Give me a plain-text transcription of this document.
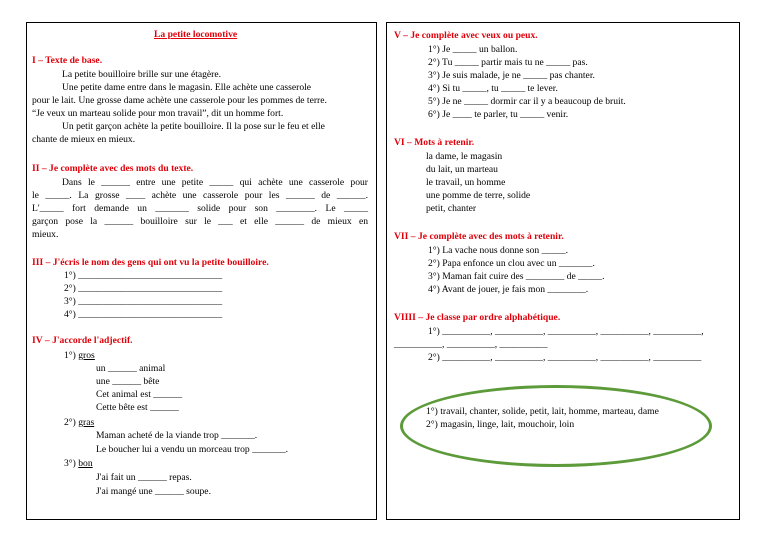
La petite locomotive
I – Texte de base.
La petite bouilloire brille sur une étagère.
Une petite dame entre dans le magasin. Elle achète une casserole
pour le lait. Une grosse dame achète une casserole pour les pommes de terre.
“Je veux un marteau solide pour mon travail”, dit un homme fort.
Un petit garçon achète la petite bouilloire. Il la pose sur le feu et elle
chante de mieux en mieux.
II – Je complète avec des mots du texte.
Dans le ______ entre une petite _____ qui achète une casserole pour
le _____. La grosse ____ achète une casserole pour les ______ de ______.
L'_____ fort demande un _______ solide pour son ________. Le _____
garçon pose la ______ bouilloire sur le ___ et elle ______ de mieux en
mieux.
III – J'écris le nom des gens qui ont vu la petite bouilloire.
1°) ______________________________
2°) ______________________________
3°) ______________________________
4°) ______________________________
IV – J'accorde l'adjectif.
1°) gros
un ______ animal
une ______ bête
Cet animal est ______
Cette bête est ______
2°) gras
Maman acheté de la viande trop _______.
Le boucher lui a vendu un morceau trop _______.
3°) bon
J'ai fait un ______ repas.
J'ai mangé une ______ soupe.
V – Je complète avec veux ou peux.
1°) Je _____ un ballon.
2°) Tu _____ partir mais tu ne _____ pas.
3°) Je suis malade, je ne _____ pas chanter.
4°) Si tu _____, tu _____ te lever.
5°) Je ne _____ dormir car il y a beaucoup de bruit.
6°) Je ____ te parler, tu _____ venir.
VI – Mots à retenir.
la dame, le magasin
du lait, un marteau
le travail, un homme
une pomme de terre, solide
petit, chanter
VII – Je complète avec des mots à retenir.
1°) La vache nous donne son _____.
2°) Papa enfonce un clou avec un _______.
3°) Maman fait cuire des ________ de _____.
4°) Avant de jouer, je fais mon ________.
VIIII – Je classe par ordre alphabétique.
1°) __________, __________, __________, __________, __________,
__________, __________, __________
2°) __________, __________, __________, __________, __________
1°) travail, chanter, solide, petit, lait, homme, marteau, dame
2°) magasin, linge, lait, mouchoir, loin
